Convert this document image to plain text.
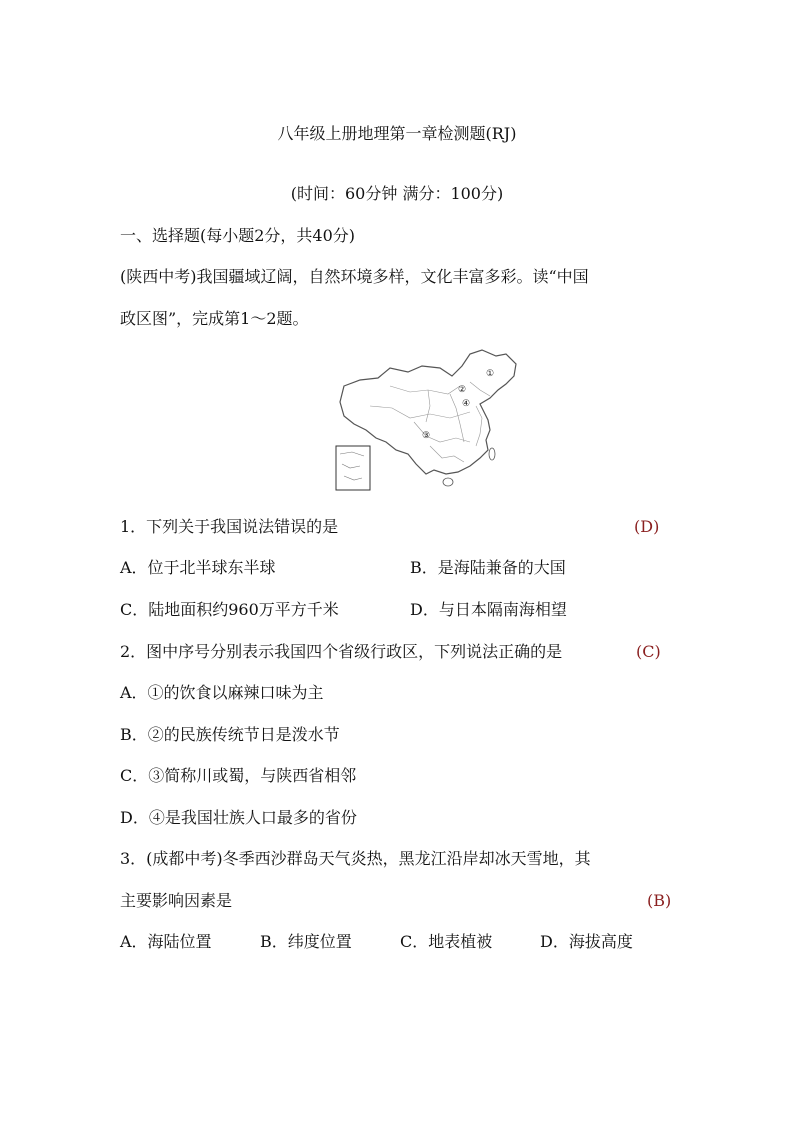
八年级上册地理第一章检测题(RJ)
(时间：60分钟 满分：100分)
一、选择题(每小题2分，共40分)
(陕西中考)我国疆域辽阔，自然环境多样，文化丰富多彩。读“中国
政区图”，完成第1～2题。
①
②
③
④
1．下列关于我国说法错误的是	(D)
A．位于北半球东半球	B．是海陆兼备的大国
C．陆地面积约960万平方千米	D．与日本隔南海相望
2．图中序号分别表示我国四个省级行政区，下列说法正确的是	(C)
A．①的饮食以麻辣口味为主
B．②的民族传统节日是泼水节
C．③简称川或蜀，与陕西省相邻
D．④是我国壮族人口最多的省份
3．(成都中考)冬季西沙群岛天气炎热，黑龙江沿岸却冰天雪地，其
主要影响因素是	(B)
A．海陆位置	B．纬度位置	C．地表植被	D．海拔高度
